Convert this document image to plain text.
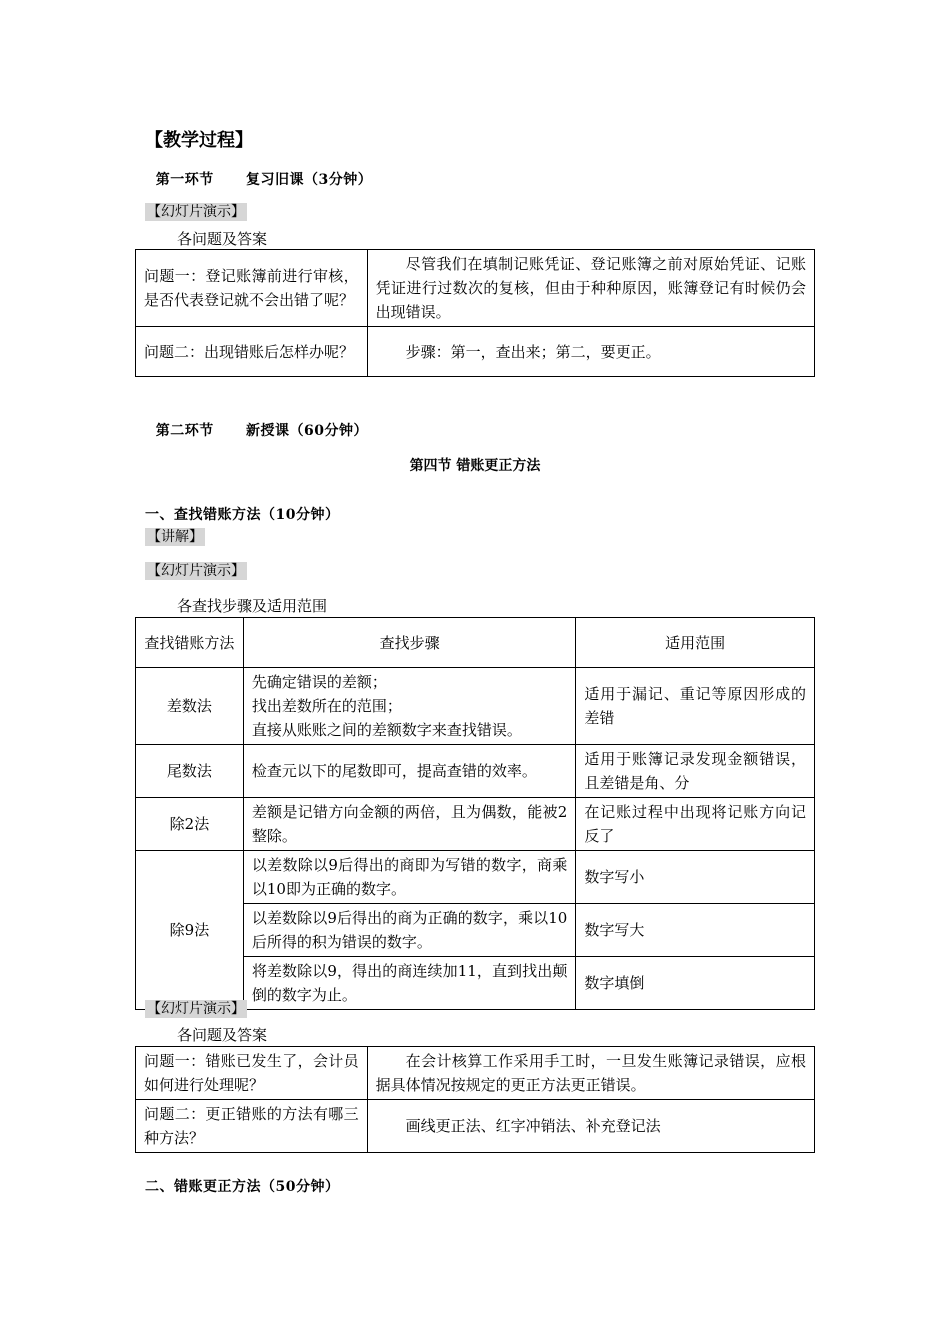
【教学过程】

第一环节 复习旧课（3分钟）

【幻灯片演示】
各问题及答案
问题一：登记账簿前进行审核，是否代表登记就不会出错了呢？	尽管我们在填制记账凭证、登记账簿之前对原始凭证、记账凭证进行过数次的复核，但由于种种原因，账簿登记有时候仍会出现错误。
问题二：出现错账后怎样办呢？	步骤：第一，查出来；第二，要更正。

第二环节 新授课（60分钟）

第四节 错账更正方法
一、查找错账方法（10分钟）
【讲解】
【幻灯片演示】
各查找步骤及适用范围
查找错账方法	查找步骤	适用范围
差数法	先确定错误的差额；
找出差数所在的范围；
直接从账账之间的差额数字来查找错误。	适用于漏记、重记等原因形成的差错
尾数法	检查元以下的尾数即可，提高查错的效率。	适用于账簿记录发现金额错误，且差错是角、分
除2法	差额是记错方向金额的两倍，且为偶数，能被2整除。	在记账过程中出现将记账方向记反了
除9法	以差数除以9后得出的商即为写错的数字，商乘以10即为正确的数字。	数字写小
	以差数除以9后得出的商为正确的数字，乘以10后所得的积为错误的数字。	数字写大
	将差数除以9，得出的商连续加11，直到找出颠倒的数字为止。	数字填倒
【幻灯片演示】
各问题及答案
问题一：错账已发生了，会计员如何进行处理呢？	在会计核算工作采用手工时，一旦发生账簿记录错误，应根据具体情况按规定的更正方法更正错误。
问题二：更正错账的方法有哪三种方法？	画线更正法、红字冲销法、补充登记法
二、错账更正方法（50分钟）
